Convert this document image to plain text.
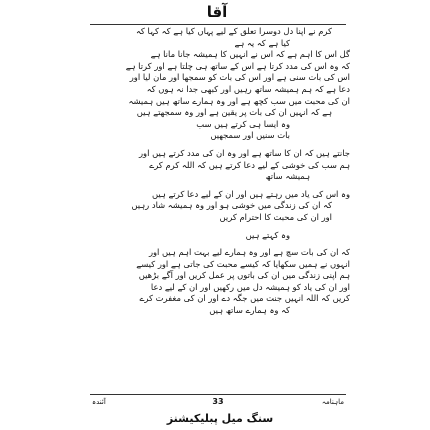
آقا
کرم نے اپنا دل دوسرا تعلق کے لیے پہاں کیا ہے کہ کہا کہ
کیا ہے کہ یہ ہے
گل اس کا اہم ہے کہ اس نے انہیں کا ہمیشہ جانا مانا ہے
کہ وہ اس کی مدد کرتا ہے اس کے ساتھ ہی چلتا ہے اور کرتا ہے
اس کی بات سنی ہے اور اس کی بات کو سمجھا اور مان لیا اور
دعا ہے کہ ہم ہمیشہ ساتھ رہیں اور کبھی جدا نہ ہوں کہ
ان کی محبت میں سب کچھ ہے اور وہ ہمارے ساتھ ہیں ہمیشہ
ہے کہ انہیں ان کی بات پر یقین ہے اور وہ سمجھتے ہیں
وہ ایسا ہی کرتے ہیں سب
بات سنیں اور سمجھیں
جانتے ہیں کہ ان کا ساتھ ہے اور وہ ان کی مدد کرتے ہیں اور
ہم سب کی خوشی کے لیے دعا کرتے ہیں کہ اللہ کرم کرے
ہمیشہ ساتھ
وہ اس کی یاد میں رہتے ہیں اور ان کے لیے دعا کرتے ہیں
کہ ان کی زندگی میں خوشی ہو اور وہ ہمیشہ شاد رہیں
اور ان کی محبت کا احترام کریں
وہ کہتے ہیں
کہ ان کی بات سچ ہے اور وہ ہمارے لیے بہت اہم ہیں اور
انہوں نے ہمیں سکھایا کہ کیسے محبت کی جاتی ہے اور کیسے
ہم اپنی زندگی میں ان کی باتوں پر عمل کریں اور آگے بڑھیں
اور ان کی یاد کو ہمیشہ دل میں رکھیں اور ان کے لیے دعا
کریں کہ اللہ انہیں جنت میں جگہ دے اور ان کی مغفرت کرے
کہ وہ ہمارے ساتھ ہیں
آئندہ	33	ماہنامہ
سنگ میل پبلیکیشنز
